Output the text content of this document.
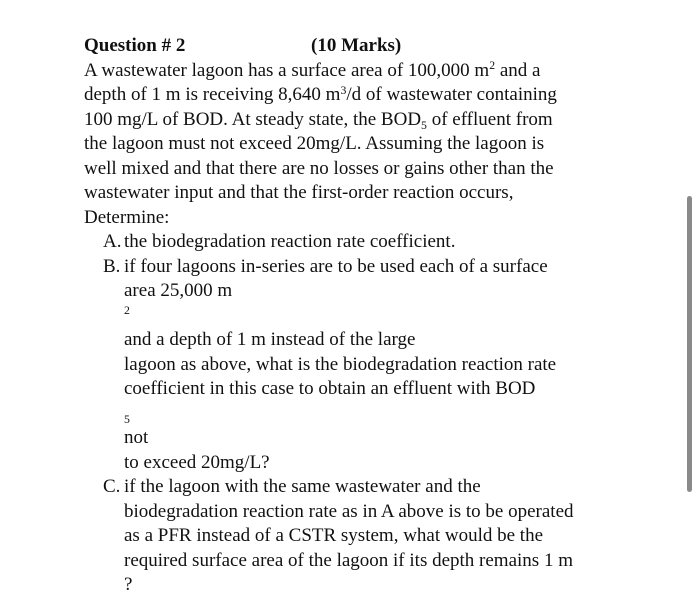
Question # 2	(10 Marks)

A wastewater lagoon has a surface area of 100,000 $m^2$ and a

depth of 1 m is receiving 8,640 $m^3/d$ of wastewater containing

100 mg/L of BOD. At steady state, the $BOD_5$ of effluent from

the lagoon must not exceed 20mg/L. Assuming the lagoon is

well mixed and that there are no losses or gains other than the

wastewater input and that the first-order reaction occurs,

Determine:

A. the biodegradation reaction rate coefficient.
B. if four lagoons in-series are to be used each of a surface
area 25,000 m
$^2$
and a depth of 1 m instead of the large
lagoon as above, what is the biodegradation reaction rate
coefficient in this case to obtain an effluent with BOD
$_5$
not
to exceed 20mg/L?
C. if the lagoon with the same wastewater and the
biodegradation reaction rate as in A above is to be operated
as a PFR instead of a CSTR system, what would be the
required surface area of the lagoon if its depth remains 1 m
?
